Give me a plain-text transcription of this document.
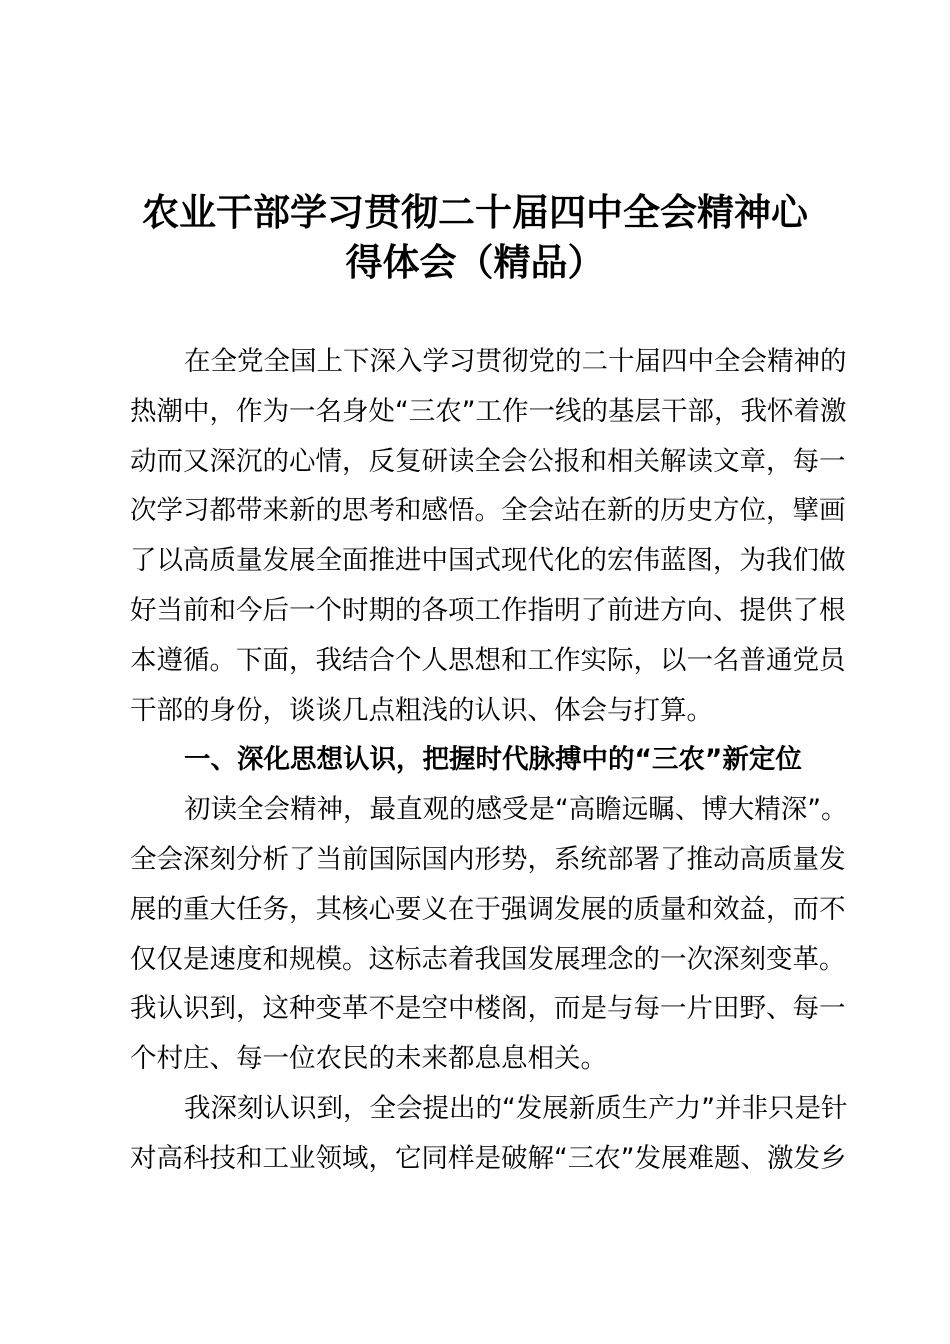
农业干部学习贯彻二十届四中全会精神心
得体会（精品）
在全党全国上下深入学习贯彻党的二十届四中全会精神的
热潮中，作为一名身处“三农”工作一线的基层干部，我怀着激
动而又深沉的心情，反复研读全会公报和相关解读文章，每一
次学习都带来新的思考和感悟。全会站在新的历史方位，擘画
了以高质量发展全面推进中国式现代化的宏伟蓝图，为我们做
好当前和今后一个时期的各项工作指明了前进方向、提供了根
本遵循。下面，我结合个人思想和工作实际，以一名普通党员
干部的身份，谈谈几点粗浅的认识、体会与打算。
一、深化思想认识，把握时代脉搏中的“三农”新定位
初读全会精神，最直观的感受是“高瞻远瞩、博大精深”。
全会深刻分析了当前国际国内形势，系统部署了推动高质量发
展的重大任务，其核心要义在于强调发展的质量和效益，而不
仅仅是速度和规模。这标志着我国发展理念的一次深刻变革。
我认识到，这种变革不是空中楼阁，而是与每一片田野、每一
个村庄、每一位农民的未来都息息相关。
我深刻认识到，全会提出的“发展新质生产力”并非只是针
对高科技和工业领域，它同样是破解“三农”发展难题、激发乡
